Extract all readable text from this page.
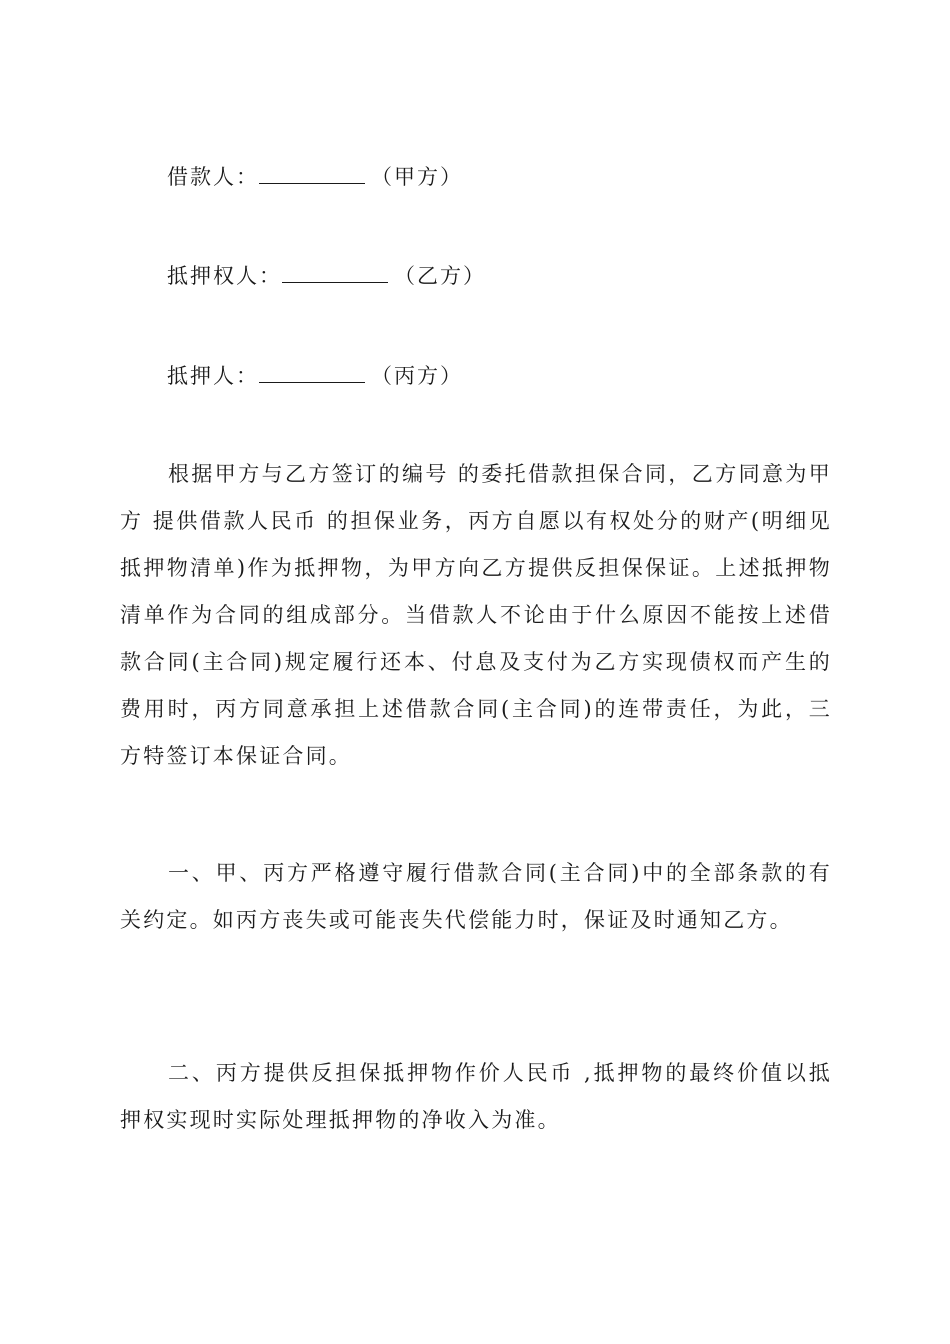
借款人：	（甲方）
抵押权人：	（乙方）
抵押人：	（丙方）

根据甲方与乙方签订的编号 的委托借款担保合同，乙方同意为甲方 提供借款人民币 的担保业务，丙方自愿以有权处分的财产(明细见抵押物清单)作为抵押物，为甲方向乙方提供反担保保证。上述抵押物清单作为合同的组成部分。当借款人不论由于什么原因不能按上述借款合同(主合同)规定履行还本、付息及支付为乙方实现债权而产生的费用时，丙方同意承担上述借款合同(主合同)的连带责任，为此，三方特签订本保证合同。

一、甲、丙方严格遵守履行借款合同(主合同)中的全部条款的有关约定。如丙方丧失或可能丧失代偿能力时，保证及时通知乙方。

二、丙方提供反担保抵押物作价人民币 ,抵押物的最终价值以抵押权实现时实际处理抵押物的净收入为准。
